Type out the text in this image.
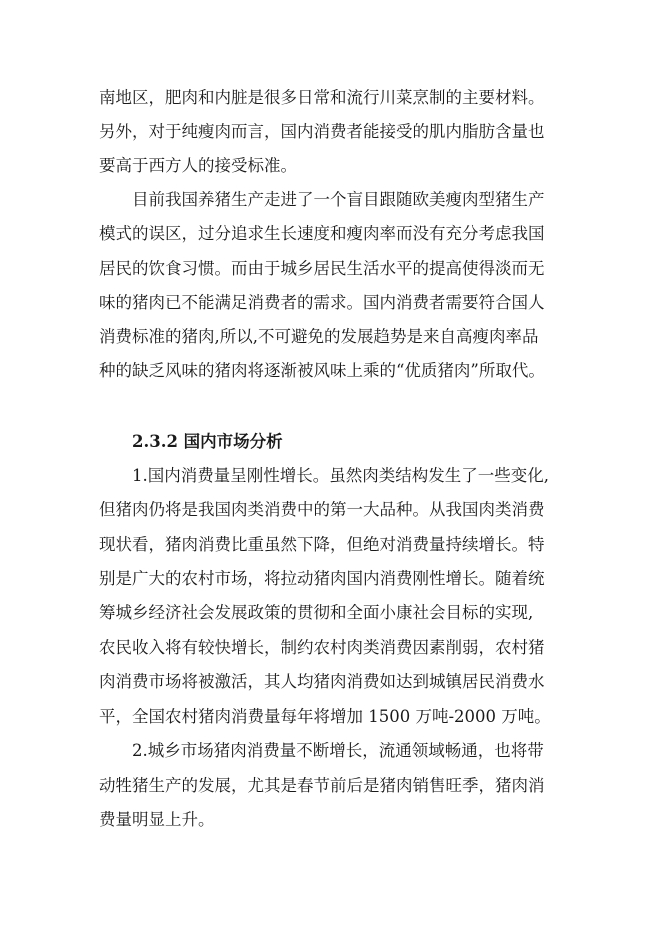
南地区，肥肉和内脏是很多日常和流行川菜烹制的主要材料。
另外，对于纯瘦肉而言，国内消费者能接受的肌内脂肪含量也
要高于西方人的接受标准。
目前我国养猪生产走进了一个盲目跟随欧美瘦肉型猪生产
模式的误区，过分追求生长速度和瘦肉率而没有充分考虑我国
居民的饮食习惯。而由于城乡居民生活水平的提高使得淡而无
味的猪肉已不能满足消费者的需求。国内消费者需要符合国人
消费标准的猪肉,所以,不可避免的发展趋势是来自高瘦肉率品
种的缺乏风味的猪肉将逐渐被风味上乘的“优质猪肉”所取代。
2.3.2 国内市场分析
1.国内消费量呈刚性增长。虽然肉类结构发生了一些变化,
但猪肉仍将是我国肉类消费中的第一大品种。从我国肉类消费
现状看，猪肉消费比重虽然下降，但绝对消费量持续增长。特
别是广大的农村市场，将拉动猪肉国内消费刚性增长。随着统
筹城乡经济社会发展政策的贯彻和全面小康社会目标的实现,
农民收入将有较快增长，制约农村肉类消费因素削弱，农村猪
肉消费市场将被激活，其人均猪肉消费如达到城镇居民消费水
平，全国农村猪肉消费量每年将增加 1500 万吨-2000 万吨。
2.城乡市场猪肉消费量不断增长，流通领域畅通，也将带
动牲猪生产的发展，尤其是春节前后是猪肉销售旺季，猪肉消
费量明显上升。
